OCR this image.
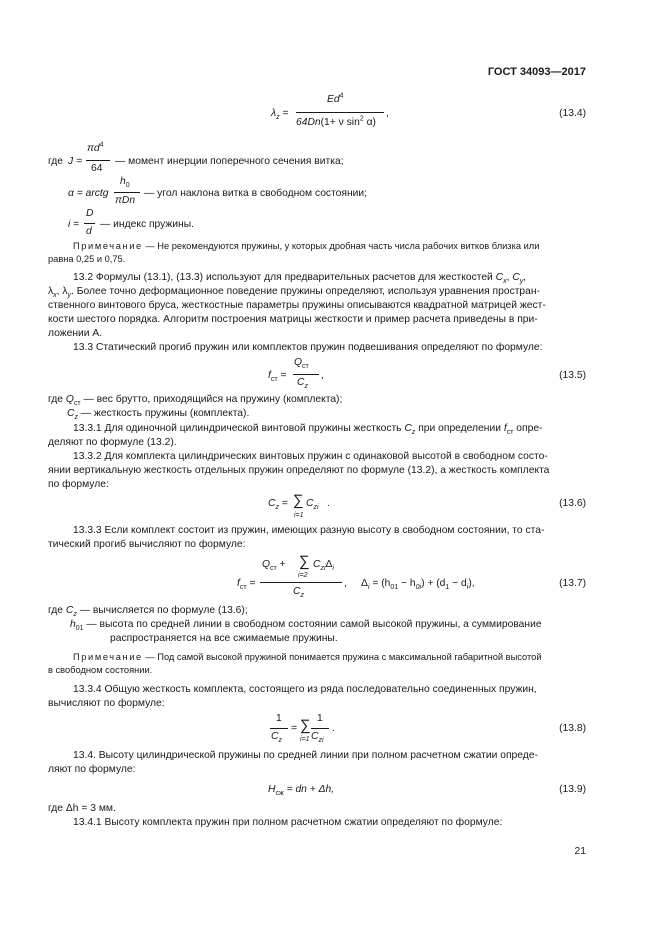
ГОСТ 34093—2017
$\lambda_z$ =
$Ed^4$
64Dn(1+ ν $\sin^2 \alpha$)
,	(13.4)
где J =
$\pi d^4$
64
— момент инерции поперечного сечения витка;
α = arctg
$h_0$
πDn
— угол наклона витка в свободном состоянии;
i =
D
d
— индекс пружины.
Примечание — Не рекомендуются пружины, у которых дробная часть числа рабочих витков близка или
равна 0,25 и 0,75.
13.2 Формулы (13.1), (13.3) используют для предварительных расчетов для жесткостей $C_x$, $C_y$,
$\lambda_x$, $\lambda_y$. Более точно деформационное поведение пружины определяют, используя уравнения простран-
ственного винтового бруса, жесткостные параметры пружины описываются квадратной матрицей жест-
кости шестого порядка. Алгоритм построения матрицы жесткости и пример расчета приведены в при-
ложении А.
13.3 Статический прогиб пружин или комплектов пружин подвешивания определяют по формуле:
$f_{ст}$ =
$Q_{ст}$
$C_z$
,	(13.5)
где $Q_{ст}$ — вес брутто, приходящийся на пружину (комплекта);
$C_z$ — жесткость пружины (комплекта).
13.3.1 Для одиночной цилиндрической винтовой пружины жесткость $C_z$ при определении $f_{ст}$ опре-
деляют по формуле (13.2).
13.3.2 Для комплекта цилиндрических винтовых пружин с одинаковой высотой в свободном состо-
янии вертикальную жесткость отдельных пружин определяют по формуле (13.2), а жесткость комплекта
по формуле:
$C_z$ = ∑
i=1
$C_{zi}$ .	(13.6)
13.3.3 Если комплект состоит из пружин, имеющих разную высоту в свободном состоянии, то ста-
тический прогиб вычисляют по формуле:
$f_{ст}$ =
$Q_{ст}$ + ∑
i=2
$C_{zi}\Delta_i$
$C_z$
, $\Delta_i = (h_{01} - h_{0i}) + (d_1 - d_i)$,	(13.7)
где $C_z$ — вычисляется по формуле (13.6);
$h_{01}$ — высота по средней линии в свободном состоянии самой высокой пружины, а суммирование
распространяется на все сжимаемые пружины.
Примечание — Под самой высокой пружиной понимается пружина с максимальной габаритной высотой
в свободном состоянии.
13.3.4 Общую жесткость комплекта, состоящего из ряда последовательно соединенных пружин,
вычисляют по формуле:
1
$C_z$
= ∑
i=1
1
$C_{zi}$
.	(13.8)
13.4. Высоту цилиндрической пружины по средней линии при полном расчетном сжатии опреде-
ляют по формуле:
$H_{сж}$ = dn + Δh,	(13.9)
где Δh = 3 мм.
13.4.1 Высоту комплекта пружин при полном расчетном сжатии определяют по формуле:
21
